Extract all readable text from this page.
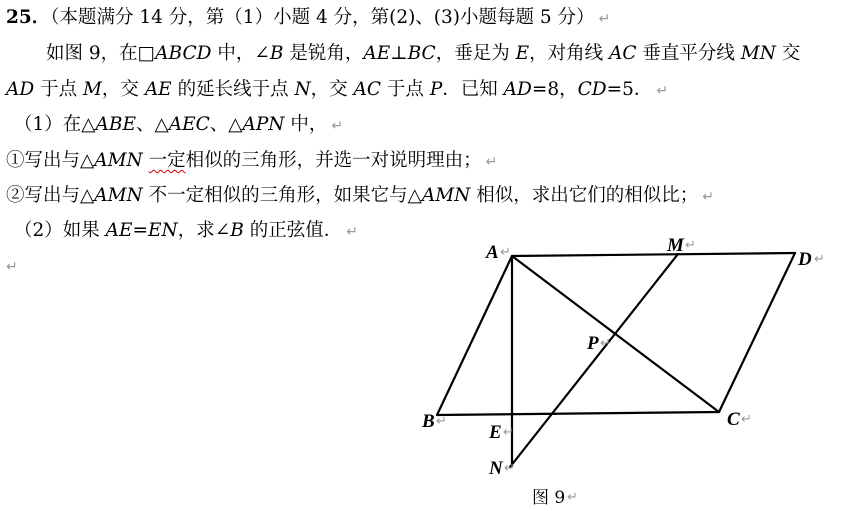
25．（本题满分 14 分，第（1）小题 4 分，第(2)、(3)小题每题 5 分） ↵
如图 9，在□ABCD 中，∠B 是锐角，AE⊥BC，垂足为 E，对角线 AC 垂直平分线 MN 交
AD 于点 M，交 AE 的延长线于点 N，交 AC 于点 P．已知 AD=8，CD=5． ↵
（1）在△ABE、△AEC、△APN 中， ↵
①写出与△AMN 一定相似的三角形，并选一对说明理由； ↵
②写出与△AMN 不一定相似的三角形，如果它与△AMN 相似，求出它们的相似比； ↵
（2）如果 AE=EN，求∠B 的正弦值． ↵
↵
A ↵	M ↵
D ↵
P ↵
B ↵	C ↵
E ↵
N ↵
图 9 ↵
